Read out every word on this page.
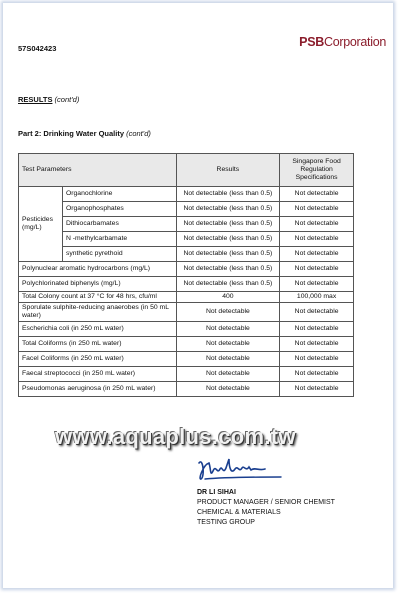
57S042423	PSBCorporation
RESULTS (cont'd)
Part 2: Drinking Water Quality (cont'd)
Test Parameters		Results	Singapore Food Regulation Specifications
Pesticides (mg/L)	Organochlorine	Not detectable (less than 0.5)	Not detectable
	Organophosphates	Not detectable (less than 0.5)	Not detectable
	Dithiocarbamates	Not detectable (less than 0.5)	Not detectable
	N -methylcarbamate	Not detectable (less than 0.5)	Not detectable
	synthetic pyrethoid	Not detectable (less than 0.5)	Not detectable
Polynuclear aromatic hydrocarbons (mg/L)		Not detectable (less than 0.5)	Not detectable
Polychlorinated biphenyls (mg/L)		Not detectable (less than 0.5)	Not detectable
Total Colony count at 37 °C for 48 hrs, cfu/ml		400	100,000 max
Sporulate sulphite-reducing anaerobes (in 50 mL water)		Not detectable	Not detectable
Escherichia coli (in 250 mL water)		Not detectable	Not detectable
Total Coliforms (in 250 mL water)		Not detectable	Not detectable
Facel Coliforms (in 250 mL water)		Not detectable	Not detectable
Faecal streptococci (in 250 mL water)		Not detectable	Not detectable
Pseudomonas aeruginosa (in 250 mL water)		Not detectable	Not detectable
www.aquaplus.com.tw
DR LI SIHAI
PRODUCT MANAGER / SENIOR CHEMIST
CHEMICAL & MATERIALS
TESTING GROUP
